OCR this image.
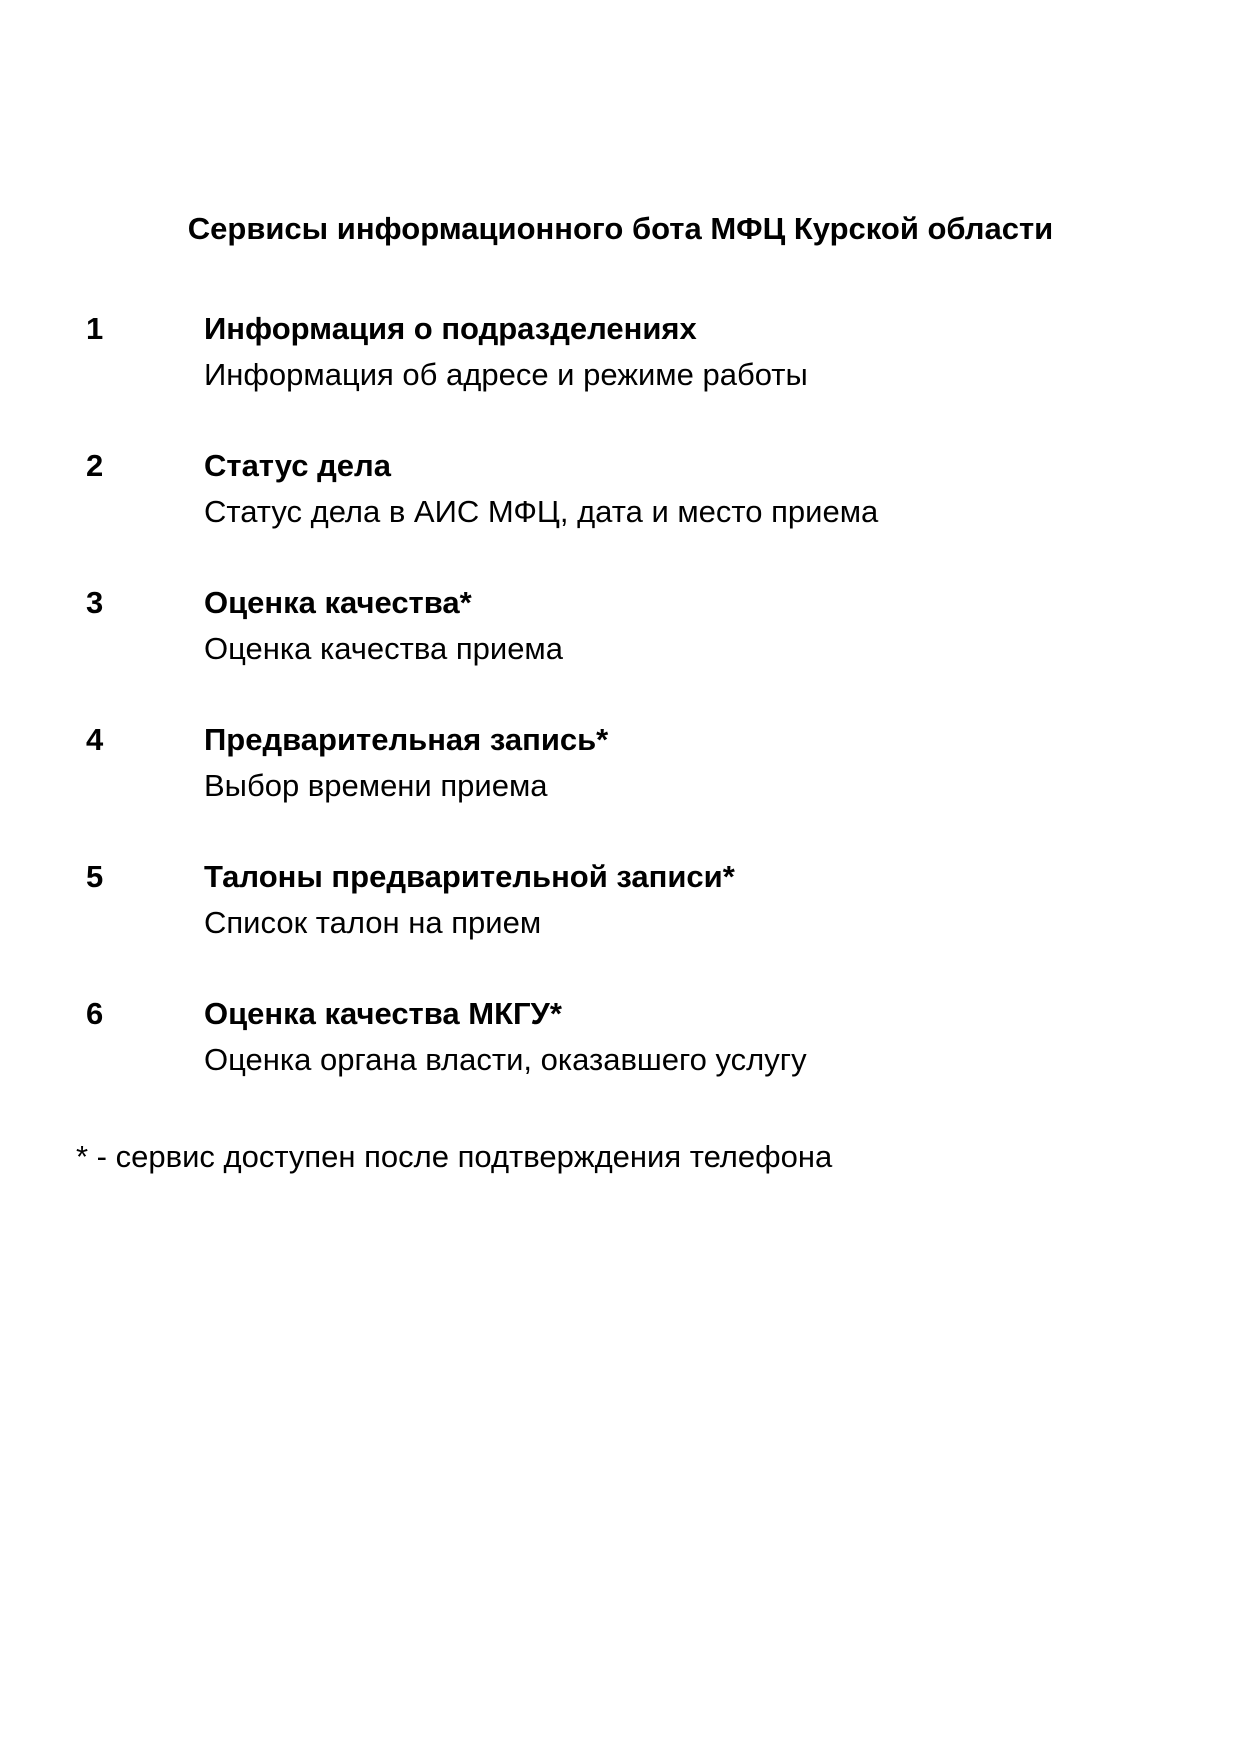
Сервисы информационного бота МФЦ Курской области
1	Информация о подразделениях
Информация об адресе и режиме работы
2	Статус дела
Статус дела в АИС МФЦ, дата и место приема
3	Оценка качества*
Оценка качества приема
4	Предварительная запись*
Выбор времени приема
5	Талоны предварительной записи*
Список талон на прием
6	Оценка качества МКГУ*
Оценка органа власти, оказавшего услугу
* - сервис доступен после подтверждения телефона
